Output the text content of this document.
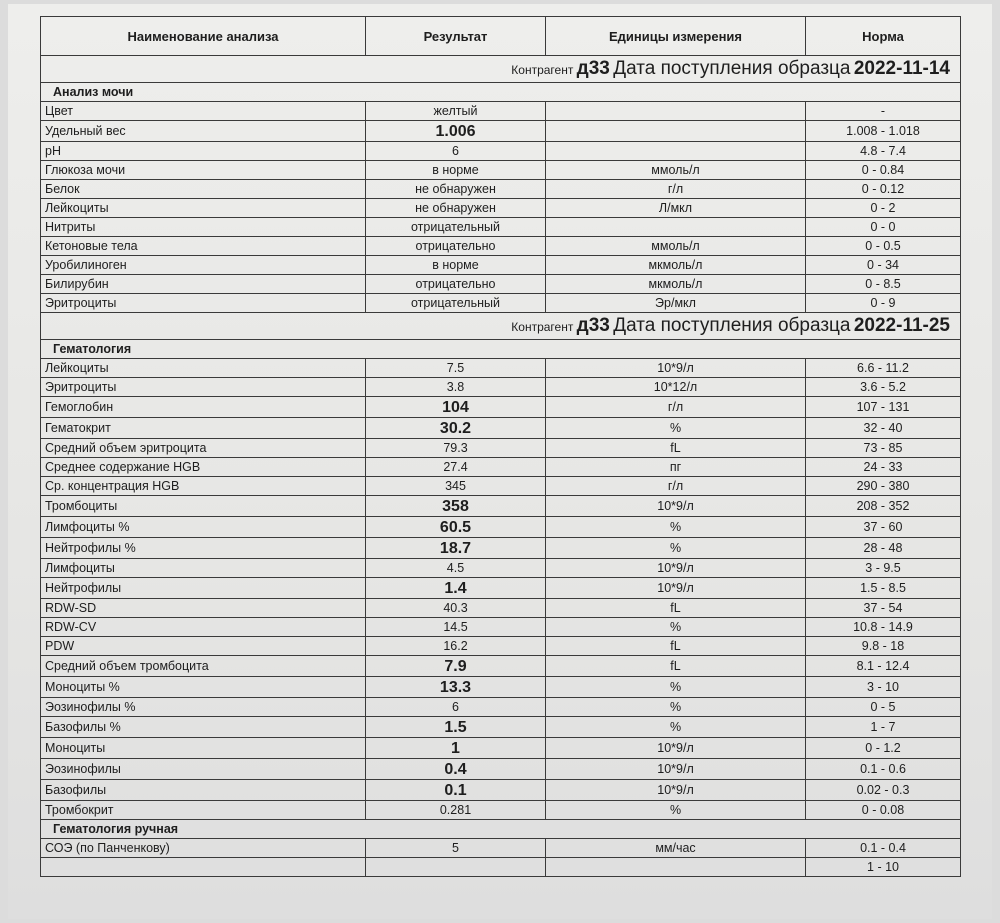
Наименование анализа	Результат	Единицы измерения	Норма
Контрагент д33 Дата поступления образца 2022-11-14			
Анализ мочи			
Цвет	желтый		-
Удельный вес	1.006		1.008 - 1.018
pH	6		4.8 - 7.4
Глюкоза мочи	в норме	ммоль/л	0 - 0.84
Белок	не обнаружен	г/л	0 - 0.12
Лейкоциты	не обнаружен	Л/мкл	0 - 2
Нитриты	отрицательный		0 - 0
Кетоновые тела	отрицательно	ммоль/л	0 - 0.5
Уробилиноген	в норме	мкмоль/л	0 - 34
Билирубин	отрицательно	мкмоль/л	0 - 8.5
Эритроциты	отрицательный	Эр/мкл	0 - 9
Контрагент д33 Дата поступления образца 2022-11-25			
Гематология			
Лейкоциты	7.5	10*9/л	6.6 - 11.2
Эритроциты	3.8	10*12/л	3.6 - 5.2
Гемоглобин	104	г/л	107 - 131
Гематокрит	30.2	%	32 - 40
Средний объем эритроцита	79.3	fL	73 - 85
Среднее содержание HGB	27.4	пг	24 - 33
Ср. концентрация HGB	345	г/л	290 - 380
Тромбоциты	358	10*9/л	208 - 352
Лимфоциты %	60.5	%	37 - 60
Нейтрофилы %	18.7	%	28 - 48
Лимфоциты	4.5	10*9/л	3 - 9.5
Нейтрофилы	1.4	10*9/л	1.5 - 8.5
RDW-SD	40.3	fL	37 - 54
RDW-CV	14.5	%	10.8 - 14.9
PDW	16.2	fL	9.8 - 18
Средний объем тромбоцита	7.9	fL	8.1 - 12.4
Моноциты %	13.3	%	3 - 10
Эозинофилы %	6	%	0 - 5
Базофилы %	1.5	%	1 - 7
Моноциты	1	10*9/л	0 - 1.2
Эозинофилы	0.4	10*9/л	0.1 - 0.6
Базофилы	0.1	10*9/л	0.02 - 0.3
Тромбокрит	0.281	%	0 - 0.08
Гематология ручная			
СОЭ (по Панченкову)	5	мм/час	0.1 - 0.4
			1 - 10
